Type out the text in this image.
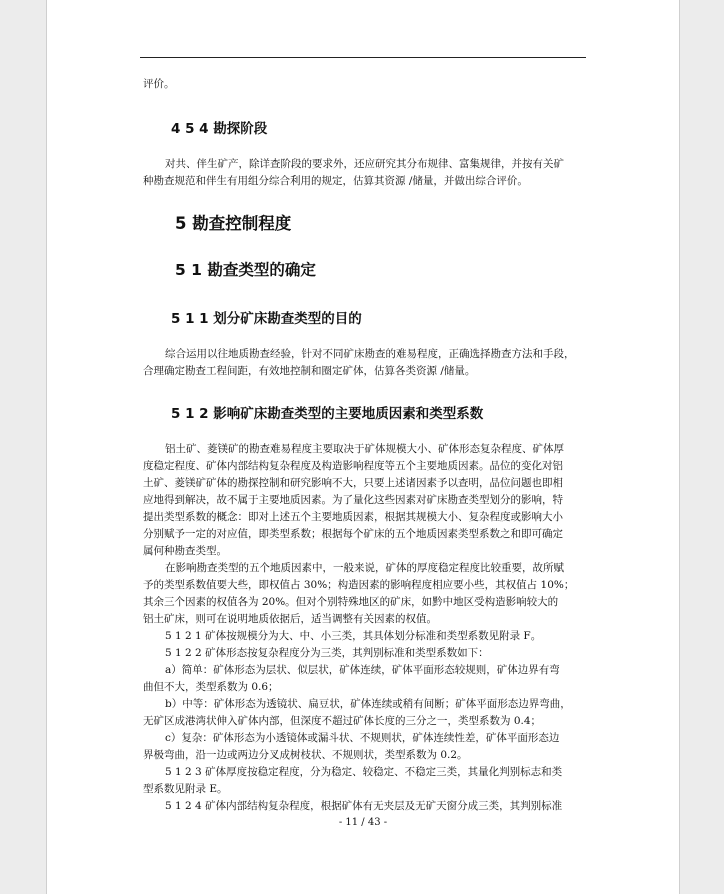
评价。
4 5 4 勘探阶段
对共、伴生矿产，除详查阶段的要求外，还应研究其分布规律、富集规律，并按有关矿
种勘查规范和伴生有用组分综合利用的规定，估算其资源 /储量，并做出综合评价。
5 勘查控制程度
5 1 勘查类型的确定
5 1 1 划分矿床勘查类型的目的
综合运用以往地质勘查经验，针对不同矿床勘查的难易程度，正确选择勘查方法和手段，
合理确定勘查工程间距，有效地控制和圈定矿体，估算各类资源 /储量。
5 1 2 影响矿床勘查类型的主要地质因素和类型系数
铝土矿、菱镁矿的勘查难易程度主要取决于矿体规模大小、矿体形态复杂程度、矿体厚
度稳定程度、矿体内部结构复杂程度及构造影响程度等五个主要地质因素。品位的变化对铝
土矿、菱镁矿矿体的勘探控制和研究影响不大，只要上述诸因素予以查明，品位问题也即相
应地得到解决，故不属于主要地质因素。为了量化这些因素对矿床勘查类型划分的影响，特
提出类型系数的概念：即对上述五个主要地质因素，根据其规模大小、复杂程度或影响大小
分别赋予一定的对应值，即类型系数；根据每个矿床的五个地质因素类型系数之和即可确定
属何种勘查类型。
在影响勘查类型的五个地质因素中，一般来说，矿体的厚度稳定程度比较重要，故所赋
予的类型系数值要大些，即权值占 30%；构造因素的影响程度相应要小些，其权值占 10%；
其余三个因素的权值各为 20%。但对个别特殊地区的矿床，如黔中地区受构造影响较大的
铝土矿床，则可在说明地质依据后，适当调整有关因素的权值。
5 1 2 1 矿体按规模分为大、中、小三类，其具体划分标准和类型系数见附录 F。
5 1 2 2 矿体形态按复杂程度分为三类，其判别标准和类型系数如下：
a）简单：矿体形态为层状、似层状，矿体连续，矿体平面形态较规则，矿体边界有弯
曲但不大，类型系数为 0.6；
b）中等：矿体形态为透镜状、扁豆状，矿体连续或稍有间断；矿体平面形态边界弯曲，
无矿区成港湾状伸入矿体内部，但深度不超过矿体长度的三分之一，类型系数为 0.4；
c）复杂：矿体形态为小透镜体或漏斗状、不规则状，矿体连续性差，矿体平面形态边
界极弯曲，沿一边或两边分叉成树枝状、不规则状，类型系数为 0.2。
5 1 2 3 矿体厚度按稳定程度，分为稳定、较稳定、不稳定三类，其量化判别标志和类
型系数见附录 E。
5 1 2 4 矿体内部结构复杂程度，根据矿体有无夹层及无矿天窗分成三类，其判别标准
- 11 / 43 -
